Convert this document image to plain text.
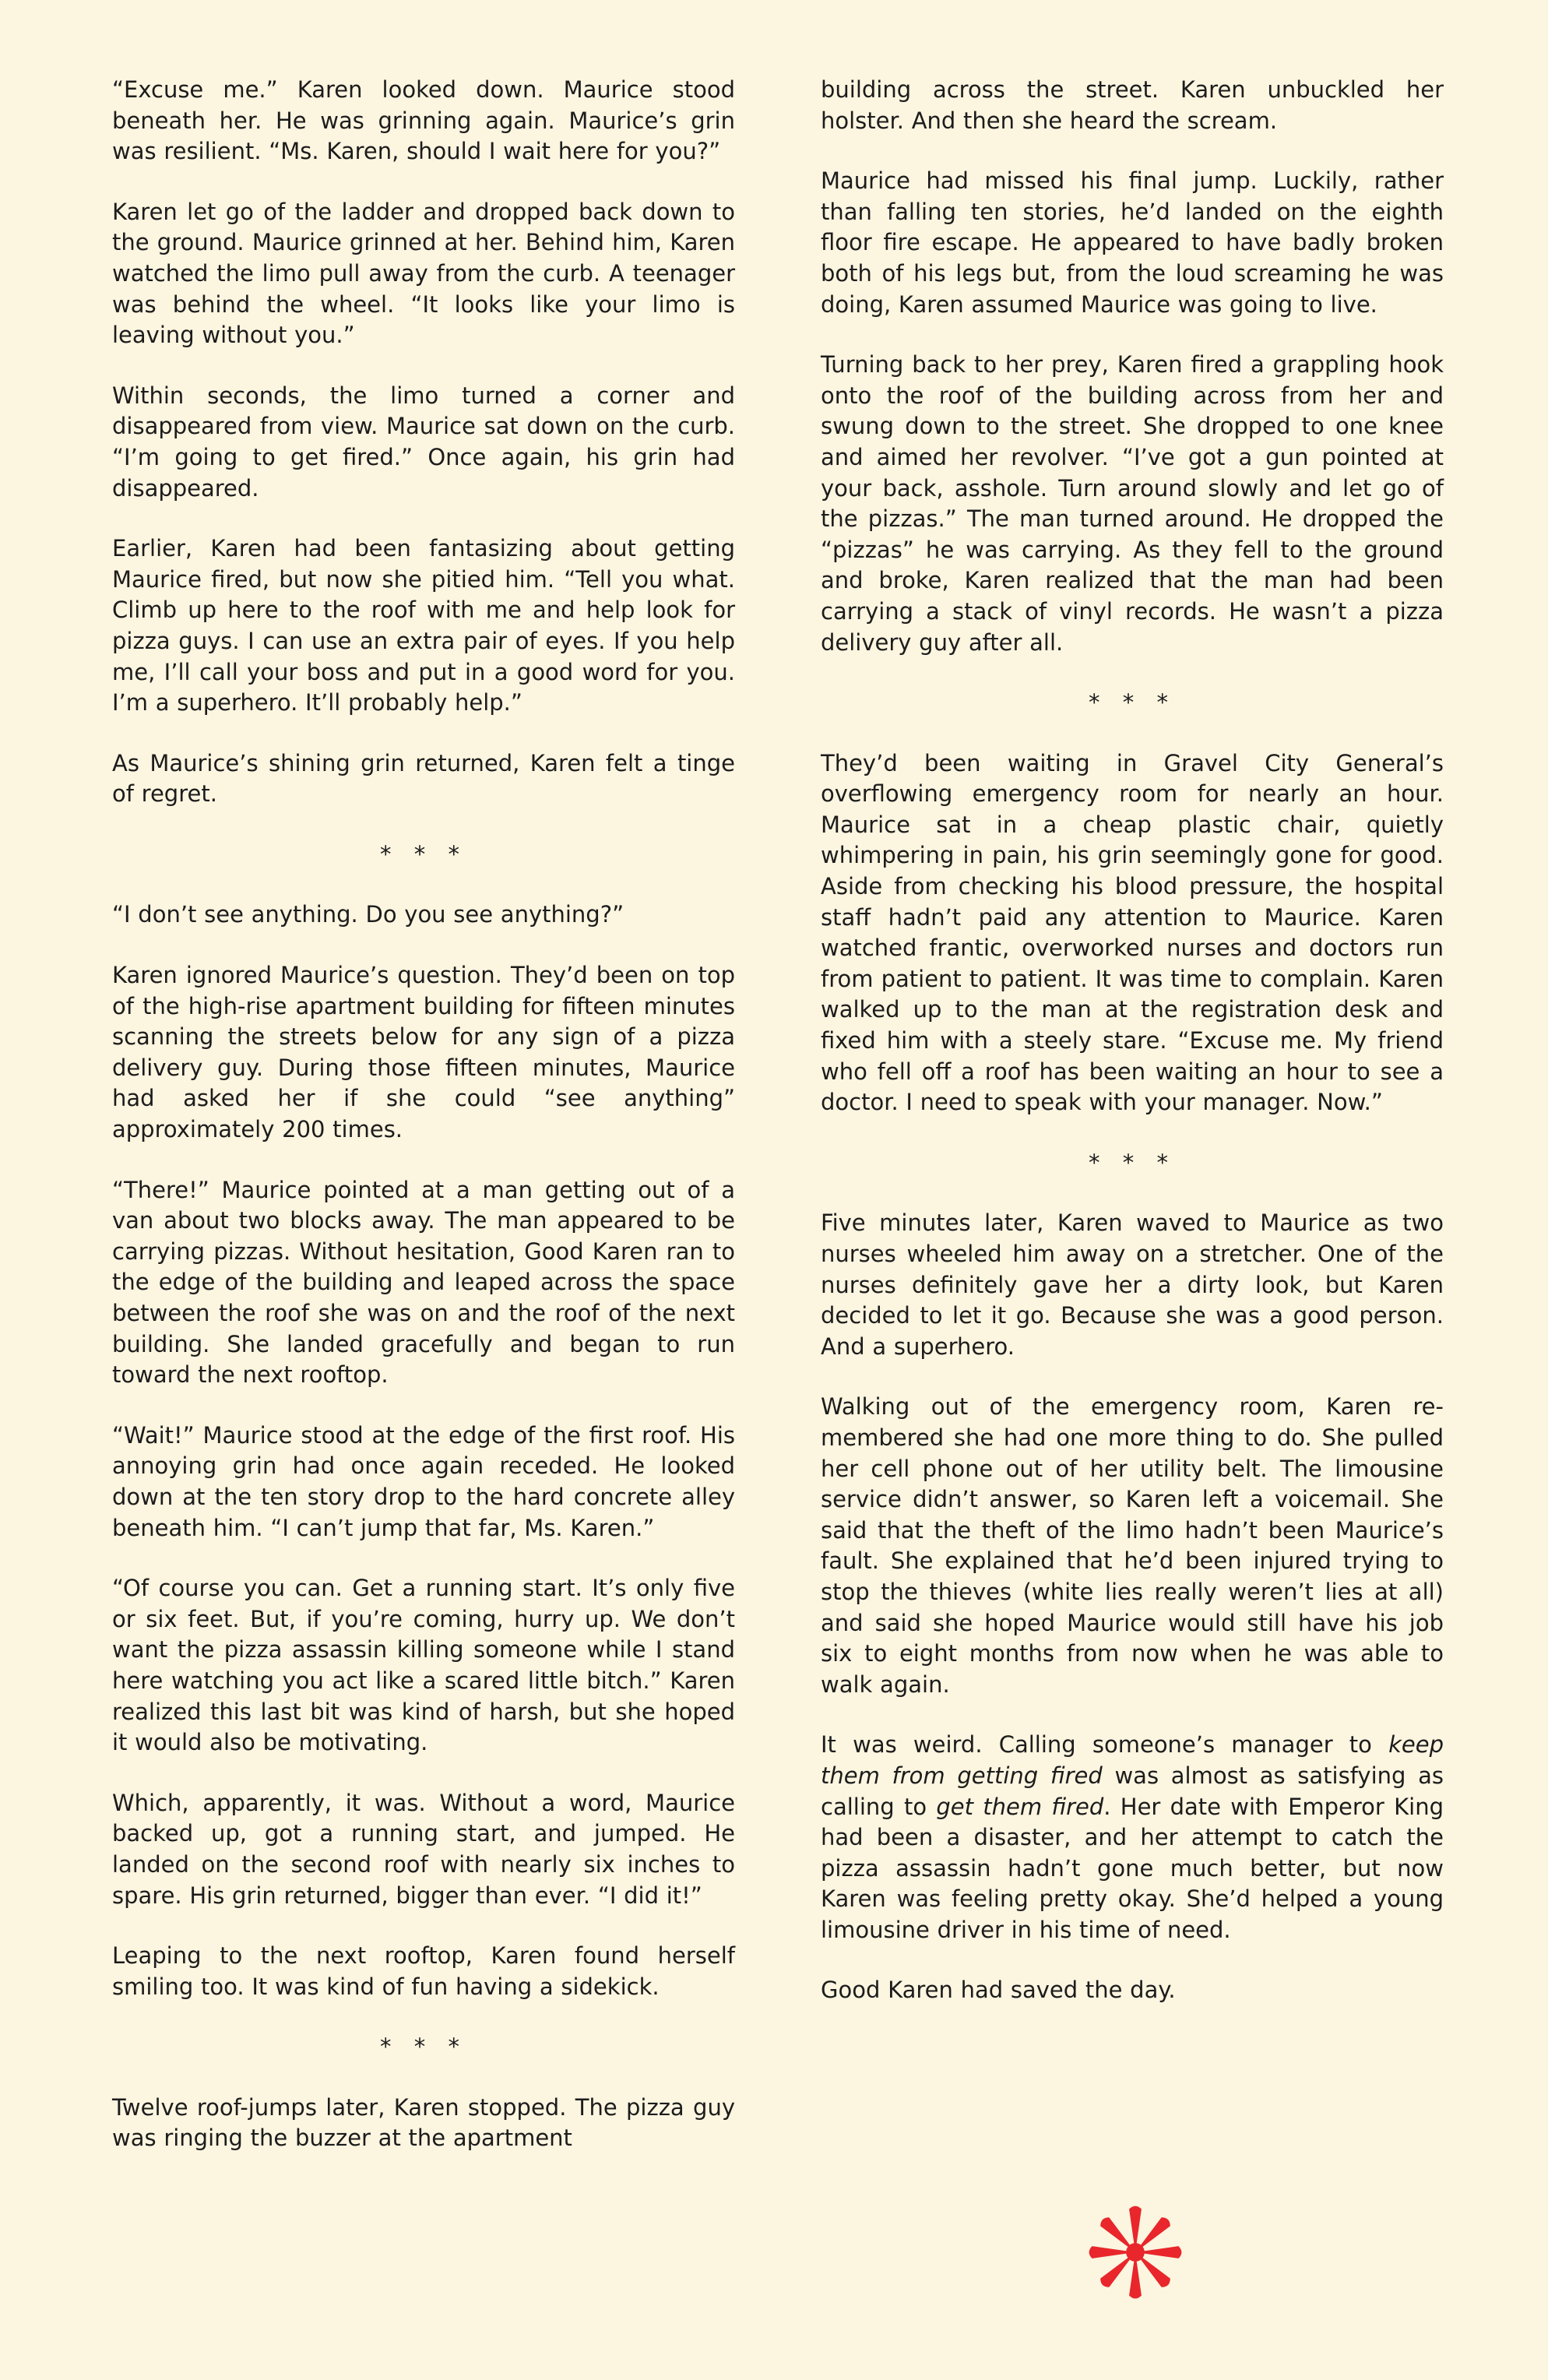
“Excuse me.” Karen looked down. Maurice stood beneath her. He was grinning again. Maurice’s grin was resilient. “Ms. Karen, should I wait here for you?”

Karen let go of the ladder and dropped back down to the ground. Maurice grinned at her. Behind him, Karen watched the limo pull away from the curb. A teenager was behind the wheel. “It looks like your limo is leaving without you.”

Within seconds, the limo turned a corner and disappeared from view. Maurice sat down on the curb. “I’m going to get fired.” Once again, his grin had disappeared.

Earlier, Karen had been fantasizing about getting Maurice fired, but now she pitied him. “Tell you what. Climb up here to the roof with me and help look for pizza guys. I can use an extra pair of eyes. If you help me, I’ll call your boss and put in a good word for you. I’m a superhero. It’ll probably help.”

As Maurice’s shining grin returned, Karen felt a tinge of regret.

* * *

“I don’t see anything. Do you see anything?”

Karen ignored Maurice’s question. They’d been on top of the high-rise apartment building for fifteen minutes scanning the streets below for any sign of a pizza delivery guy. During those fifteen minutes, Maurice had asked her if she could “see anything” approximately 200 times.

“There!” Maurice pointed at a man getting out of a van about two blocks away. The man appeared to be carrying pizzas. Without hesitation, Good Karen ran to the edge of the building and leaped across the space between the roof she was on and the roof of the next building. She landed gracefully and began to run toward the next rooftop.

“Wait!” Maurice stood at the edge of the first roof. His annoying grin had once again receded. He looked down at the ten story drop to the hard concrete alley beneath him. “I can’t jump that far, Ms. Karen.”

“Of course you can. Get a running start. It’s only five or six feet. But, if you’re coming, hurry up. We don’t want the pizza assassin killing someone while I stand here watching you act like a scared little bitch.” Karen realized this last bit was kind of harsh, but she hoped it would also be motivating.

Which, apparently, it was. Without a word, Maurice backed up, got a running start, and jumped. He landed on the second roof with nearly six inches to spare. His grin returned, bigger than ever. “I did it!”

Leaping to the next rooftop, Karen found herself smiling too. It was kind of fun having a sidekick.

* * *

Twelve roof-jumps later, Karen stopped. The pizza guy was ringing the buzzer at the apartment

building across the street. Karen unbuckled her holster. And then she heard the scream.

Maurice had missed his final jump. Luckily, rather than falling ten stories, he’d landed on the eighth floor fire escape. He appeared to have badly broken both of his legs but, from the loud screaming he was doing, Karen assumed Maurice was going to live.

Turning back to her prey, Karen fired a grappling hook onto the roof of the building across from her and swung down to the street. She dropped to one knee and aimed her revolver. “I’ve got a gun pointed at your back, asshole. Turn around slowly and let go of the pizzas.” The man turned around. He dropped the “pizzas” he was carrying. As they fell to the ground and broke, Karen realized that the man had been carrying a stack of vinyl records. He wasn’t a pizza delivery guy after all.

* * *

They’d been waiting in Gravel City General’s overflowing emergency room for nearly an hour. Maurice sat in a cheap plastic chair, quietly whimpering in pain, his grin seemingly gone for good. Aside from checking his blood pressure, the hospital staff hadn’t paid any attention to Maurice. Karen watched frantic, overworked nurses and doctors run from patient to patient. It was time to complain. Karen walked up to the man at the registration desk and fixed him with a steely stare. “Excuse me. My friend who fell off a roof has been waiting an hour to see a doctor. I need to speak with your manager. Now.”

* * *

Five minutes later, Karen waved to Maurice as two nurses wheeled him away on a stretcher. One of the nurses definitely gave her a dirty look, but Karen decided to let it go. Because she was a good person. And a superhero.

Walking out of the emergency room, Karen remembered she had one more thing to do. She pulled her cell phone out of her utility belt. The limousine service didn’t answer, so Karen left a voicemail. She said that the theft of the limo hadn’t been Maurice’s fault. She explained that he’d been injured trying to stop the thieves (white lies really weren’t lies at all) and said she hoped Maurice would still have his job six to eight months from now when he was able to walk again.

It was weird. Calling someone’s manager to keep them from getting fired was almost as satisfying as calling to get them fired. Her date with Emperor King had been a disaster, and her attempt to catch the pizza assassin hadn’t gone much better, but now Karen was feeling pretty okay. She’d helped a young limousine driver in his time of need.

Good Karen had saved the day.
